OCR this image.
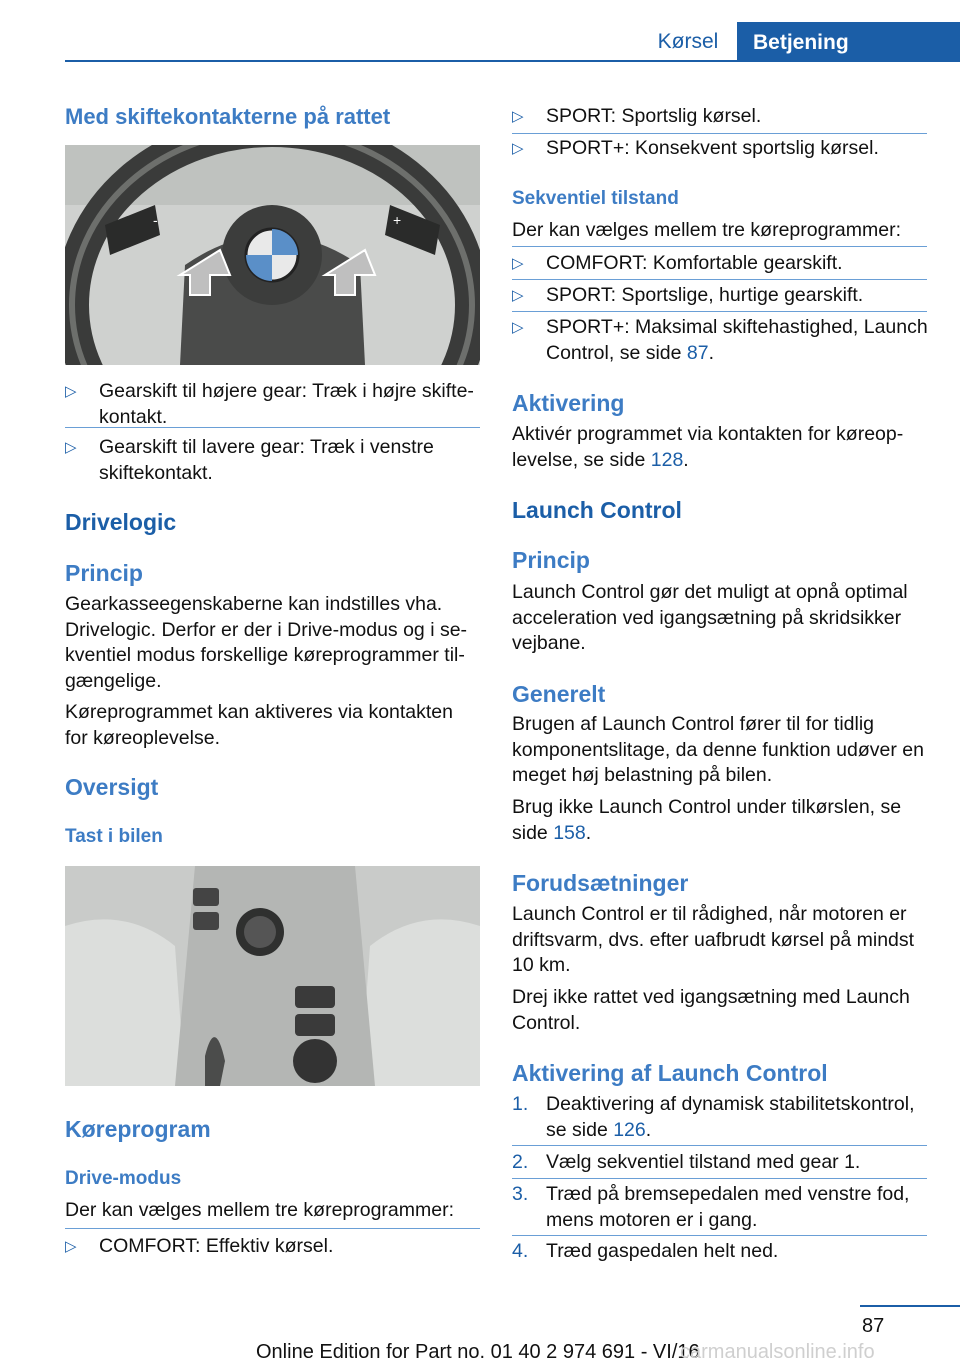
Kørsel	Betjening
Med skiftekontakterne på rattet
-	+
▷ Gearskift til højere gear: Træk i højre skifte-kontakt.
▷ Gearskift til lavere gear: Træk i venstre skiftekontakt.
Drivelogic
Princip

Gearkasseegenskaberne kan indstilles vha. Drivelogic. Derfor er der i Drive-modus og i se-kventiel modus forskellige køreprogrammer til-gængelige.

Køreprogrammet kan aktiveres via kontakten for køreoplevelse.

Oversigt
Tast i bilen
Køreprogram
Drive-modus

Der kan vælges mellem tre køreprogrammer:

▷ COMFORT: Effektiv kørsel.
▷ SPORT: Sportslig kørsel.
▷ SPORT+: Konsekvent sportslig kørsel.
Sekventiel tilstand

Der kan vælges mellem tre køreprogrammer:

▷ COMFORT: Komfortable gearskift.
▷ SPORT: Sportslige, hurtige gearskift.
▷ SPORT+: Maksimal skiftehastighed, Launch Control, se side 87.
Aktivering

Aktivér programmet via kontakten for køreop-levelse, se side 128.

Launch Control
Princip

Launch Control gør det muligt at opnå optimal acceleration ved igangsætning på skridsikker vejbane.

Generelt

Brugen af Launch Control fører til for tidlig komponentslitage, da denne funktion udøver en meget høj belastning på bilen.

Brug ikke Launch Control under tilkørslen, se side 158.

Forudsætninger

Launch Control er til rådighed, når motoren er driftsvarm, dvs. efter uafbrudt kørsel på mindst 10 km.

Drej ikke rattet ved igangsætning med Launch Control.

Aktivering af Launch Control
1. Deaktivering af dynamisk stabilitetskontrol, se side 126.
2. Vælg sekventiel tilstand med gear 1.
3. Træd på bremsepedalen med venstre fod, mens motoren er i gang.
4. Træd gaspedalen helt ned.
87
Online Edition for Part no. 01 40 2 974 691 - VI/16
carmanualsonline.info
